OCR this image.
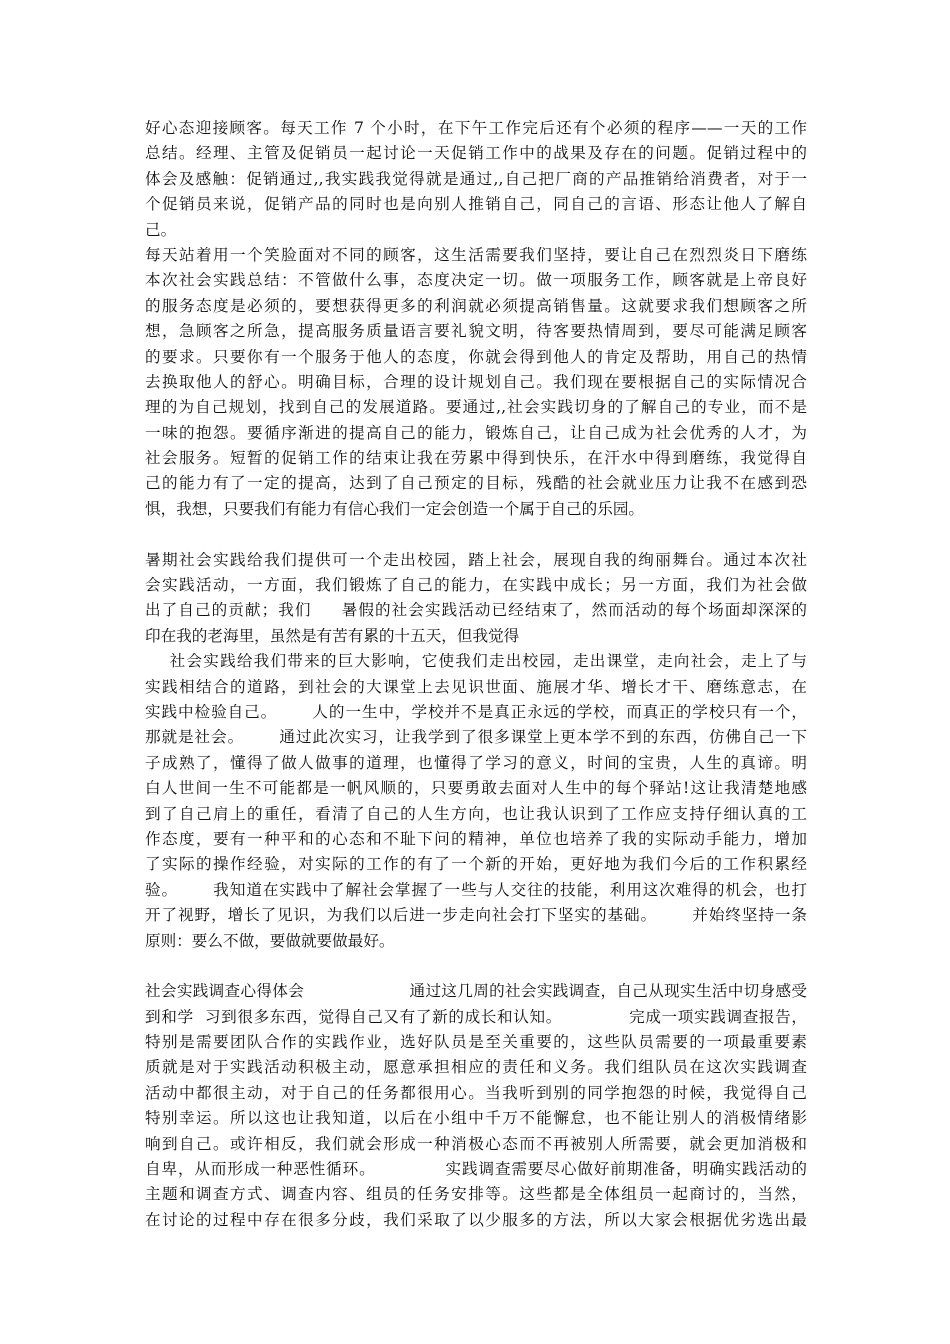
好心态迎接顾客。每天工作 7 个小时，在下午工作完后还有个必须的程序——一天的工作
总结。经理、主管及促销员一起讨论一天促销工作中的战果及存在的问题。促销过程中的
体会及感触：促销通过,,我实践我觉得就是通过,,自己把厂商的产品推销给消费者，对于一
个促销员来说，促销产品的同时也是向别人推销自己，同自己的言语、形态让他人了解自
己。
每天站着用一个笑脸面对不同的顾客，这生活需要我们坚持，要让自己在烈烈炎日下磨练
本次社会实践总结：不管做什么事，态度决定一切。做一项服务工作，顾客就是上帝良好
的服务态度是必须的，要想获得更多的利润就必须提高销售量。这就要求我们想顾客之所
想，急顾客之所急，提高服务质量语言要礼貌文明，待客要热情周到，要尽可能满足顾客
的要求。只要你有一个服务于他人的态度，你就会得到他人的肯定及帮助，用自己的热情
去换取他人的舒心。明确目标，合理的设计规划自己。我们现在要根据自己的实际情况合
理的为自己规划，找到自己的发展道路。要通过,,社会实践切身的了解自己的专业，而不是
一味的抱怨。要循序渐进的提高自己的能力，锻炼自己，让自己成为社会优秀的人才，为
社会服务。短暂的促销工作的结束让我在劳累中得到快乐，在汗水中得到磨练，我觉得自
己的能力有了一定的提高，达到了自己预定的目标，残酷的社会就业压力让我不在感到恐
惧，我想，只要我们有能力有信心我们一定会创造一个属于自己的乐园。
暑期社会实践给我们提供可一个走出校园，踏上社会，展现自我的绚丽舞台。通过本次社
会实践活动，一方面，我们锻炼了自己的能力，在实践中成长；另一方面，我们为社会做
出了自己的贡献；我们     暑假的社会实践活动已经结束了，然而活动的每个场面却深深的
印在我的老海里，虽然是有苦有累的十五天，但我觉得
社会实践给我们带来的巨大影响，它使我们走出校园，走出课堂，走向社会，走上了与
实践相结合的道路，到社会的大课堂上去见识世面、施展才华、增长才干、磨练意志，在
实践中检验自己。      人的一生中，学校并不是真正永远的学校，而真正的学校只有一个，
那就是社会。      通过此次实习，让我学到了很多课堂上更本学不到的东西，仿佛自己一下
子成熟了，懂得了做人做事的道理，也懂得了学习的意义，时间的宝贵，人生的真谛。明
白人世间一生不可能都是一帆风顺的，只要勇敢去面对人生中的每个驿站!这让我清楚地感
到了自己肩上的重任，看清了自己的人生方向，也让我认识到了工作应支持仔细认真的工
作态度，要有一种平和的心态和不耻下问的精神，单位也培养了我的实际动手能力，增加
了实际的操作经验，对实际的工作的有了一个新的开始，更好地为我们今后的工作积累经
验。      我知道在实践中了解社会掌握了一些与人交往的技能，利用这次难得的机会，也打
开了视野，增长了见识，为我们以后进一步走向社会打下坚实的基础。      并始终坚持一条
原则：要么不做，要做就要做最好。
社会实践调查心得体会                    通过这几周的社会实践调查，自己从现实生活中切身感受
到和学  习到很多东西，觉得自己又有了新的成长和认知。            完成一项实践调查报告，
特别是需要团队合作的实践作业，选好队员是至关重要的，这些队员需要的一项最重要素
质就是对于实践活动积极主动，愿意承担相应的责任和义务。我们组队员在这次实践调查
活动中都很主动，对于自己的任务都很用心。当我听到别的同学抱怨的时候，我觉得自己
特别幸运。所以这也让我知道，以后在小组中千万不能懈怠，也不能让别人的消极情绪影
响到自己。或许相反，我们就会形成一种消极心态而不再被别人所需要，就会更加消极和
自卑，从而形成一种恶性循环。            实践调查需要尽心做好前期准备，明确实践活动的
主题和调查方式、调查内容、组员的任务安排等。这些都是全体组员一起商讨的，当然，
在讨论的过程中存在很多分歧，我们采取了以少服多的方法，所以大家会根据优劣选出最
